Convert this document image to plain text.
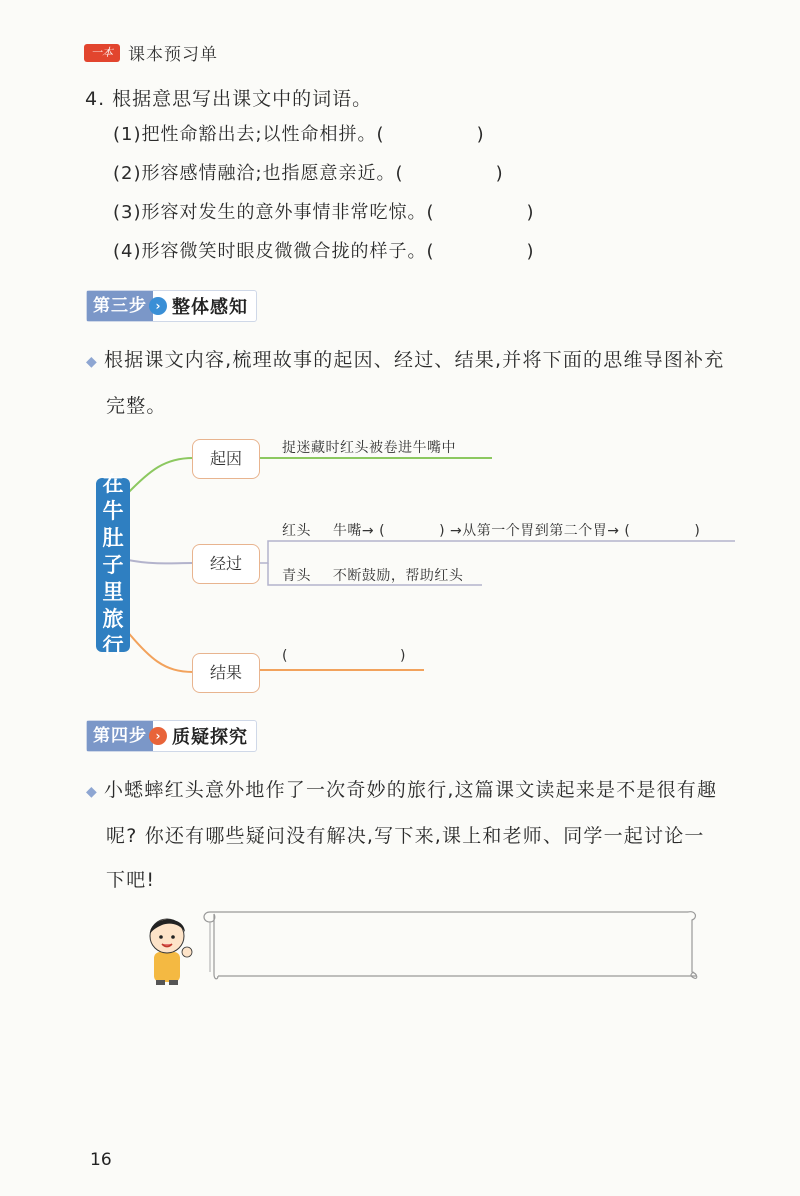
一本 课本预习单
4. 根据意思写出课文中的词语。
(1)把性命豁出去;以性命相拼。(	)
(2)形容感情融洽;也指愿意亲近。(	)
(3)形容对发生的意外事情非常吃惊。(	)
(4)形容微笑时眼皮微微合拢的样子。(	)
第三步 › 整体感知
◆ 根据课文内容,梳理故事的起因、经过、结果,并将下面的思维导图补充
完整。
在
牛
肚
子
里
旅
行
起因
捉迷藏时红头被卷进牛嘴中
经过
红头 牛嘴→ (	) →从第一个胃到第二个胃→ (	)
青头 不断鼓励，帮助红头
结果
(	)
第四步 › 质疑探究
◆ 小蟋蟀红头意外地作了一次奇妙的旅行,这篇课文读起来是不是很有趣
呢? 你还有哪些疑问没有解决,写下来,课上和老师、同学一起讨论一
下吧!
16
